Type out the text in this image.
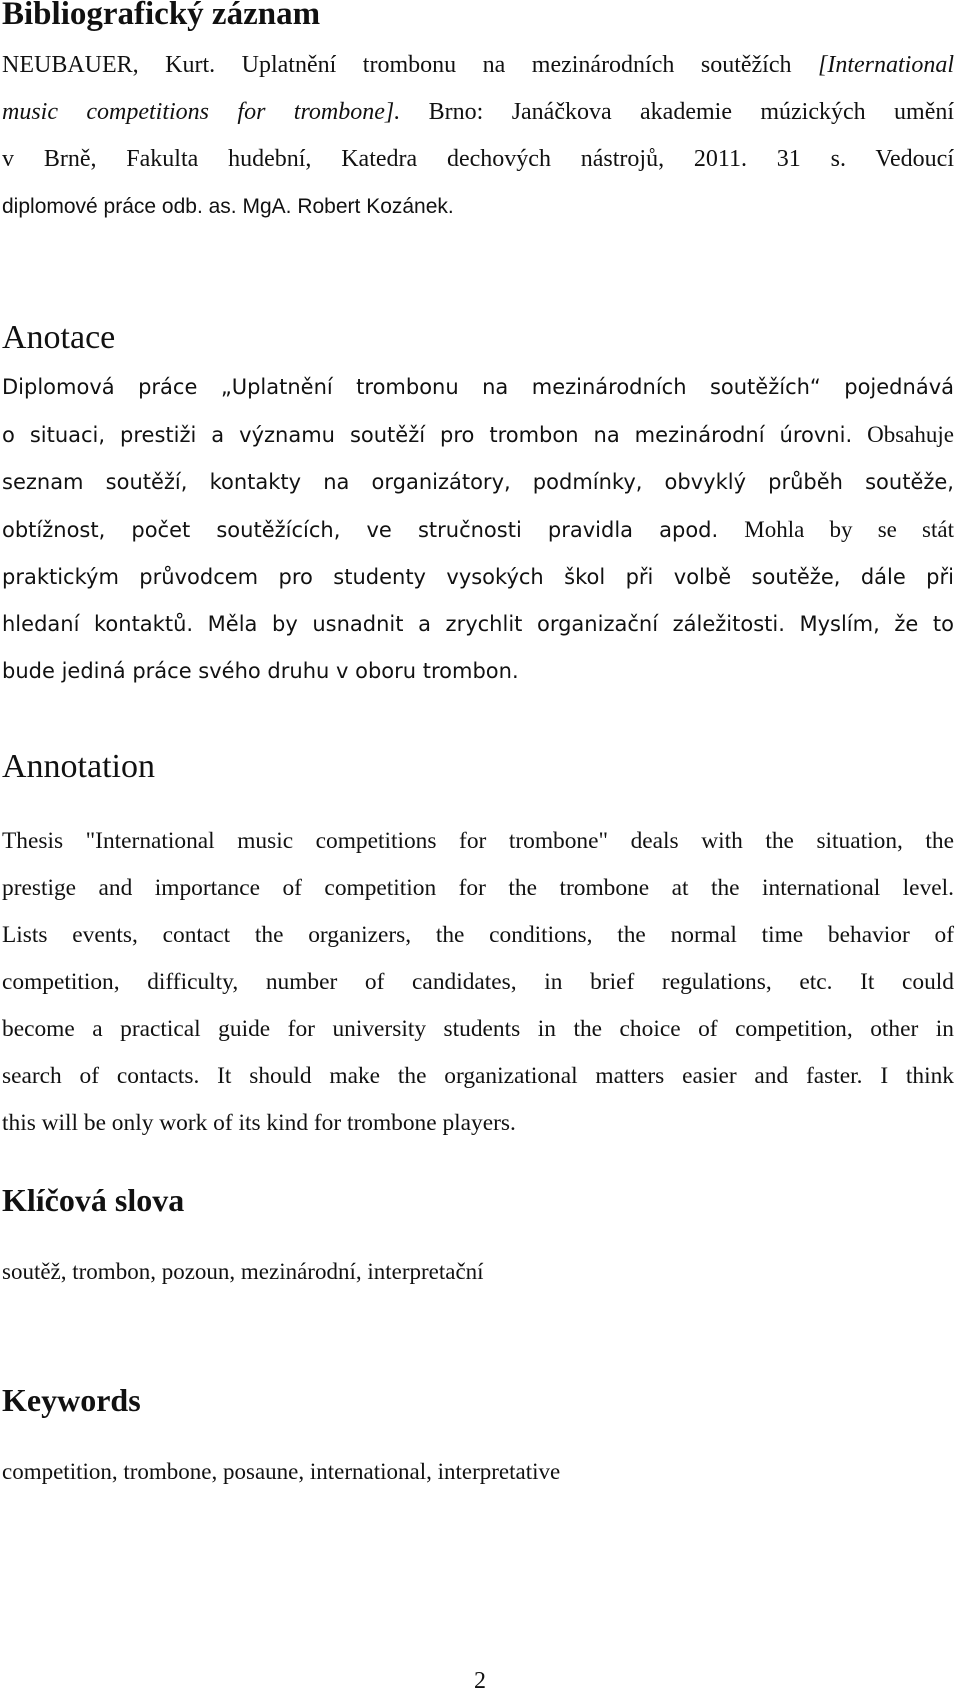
Bibliografický záznam
NEUBAUER, Kurt. Uplatnění trombonu na mezinárodních soutěžích [International
music competitions for trombone]. Brno: Janáčkova akademie múzických umění
v Brně, Fakulta hudební, Katedra dechových nástrojů, 2011. 31 s. Vedoucí
diplomové práce odb. as. MgA. Robert Kozánek.
Anotace
Diplomová práce „Uplatnění trombonu na mezinárodních soutěžích“ pojednává
o situaci, prestiži a významu soutěží pro trombon na mezinárodní úrovni. Obsahuje
seznam soutěží, kontakty na organizátory, podmínky, obvyklý průběh soutěže,
obtížnost, počet soutěžících, ve stručnosti pravidla apod. Mohla by se stát
praktickým průvodcem pro studenty vysokých škol při volbě soutěže, dále při
hledaní kontaktů. Měla by usnadnit a zrychlit organizační záležitosti. Myslím, že to
bude jediná práce svého druhu v oboru trombon.
Annotation
Thesis "International music competitions for trombone" deals with the situation, the
prestige and importance of competition for the trombone at the international level.
Lists events, contact the organizers, the conditions, the normal time behavior of
competition, difficulty, number of candidates, in brief regulations, etc. It could
become a practical guide for university students in the choice of competition, other in
search of contacts. It should make the organizational matters easier and faster. I think
this will be only work of its kind for trombone players.
Klíčová slova

soutěž, trombon, pozoun, mezinárodní, interpretační

Keywords

competition, trombone, posaune, international, interpretative

2
